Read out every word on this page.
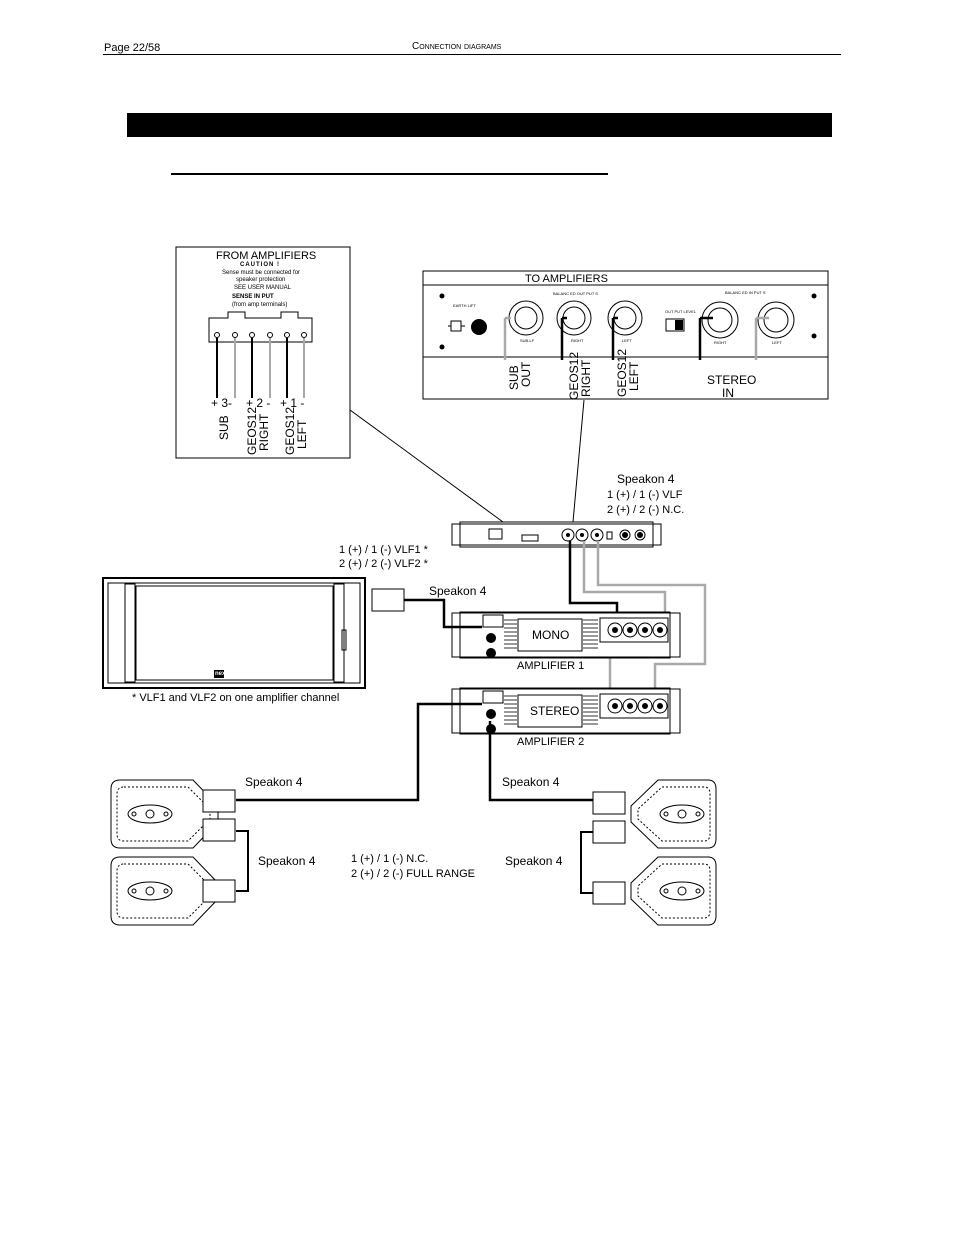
Page 22/58	Connection diagrams
FROM AMPLIFIERS
CAUTION !
Sense must be connected for
speaker protection
SEE USER MANUAL
SENSE IN PUT
(from amp terminals)
+ 3- + 2 - + 1 -
SUB GEOS12
RIGHT GEOS12
LEFT
TO AMPLIFIERS
EARTH LIFT
BALANC ED OUT PUT S	BALANC ED IN PUT S
OUT PUT LEVEL
SUB-LF	RIGHT	LEFT	RIGHT	LEFT
SUB
OUT	GEOS12
RIGHT GEOS12
LEFT	STEREO
IN
Speakon 4
1 (+) / 1 (-) VLF
2 (+) / 2 (-) N.C.
1 (+) / 1 (-) VLF1 *
2 (+) / 2 (-) VLF2 *
Speakon 4
MONO
AMPLIFIER 1
STEREO
AMPLIFIER 2
nexo
* VLF1 and VLF2 on one amplifier channel
Speakon 4	Speakon 4
Speakon 4	Speakon 4
1 (+) / 1 (-) N.C.
2 (+) / 2 (-) FULL RANGE
